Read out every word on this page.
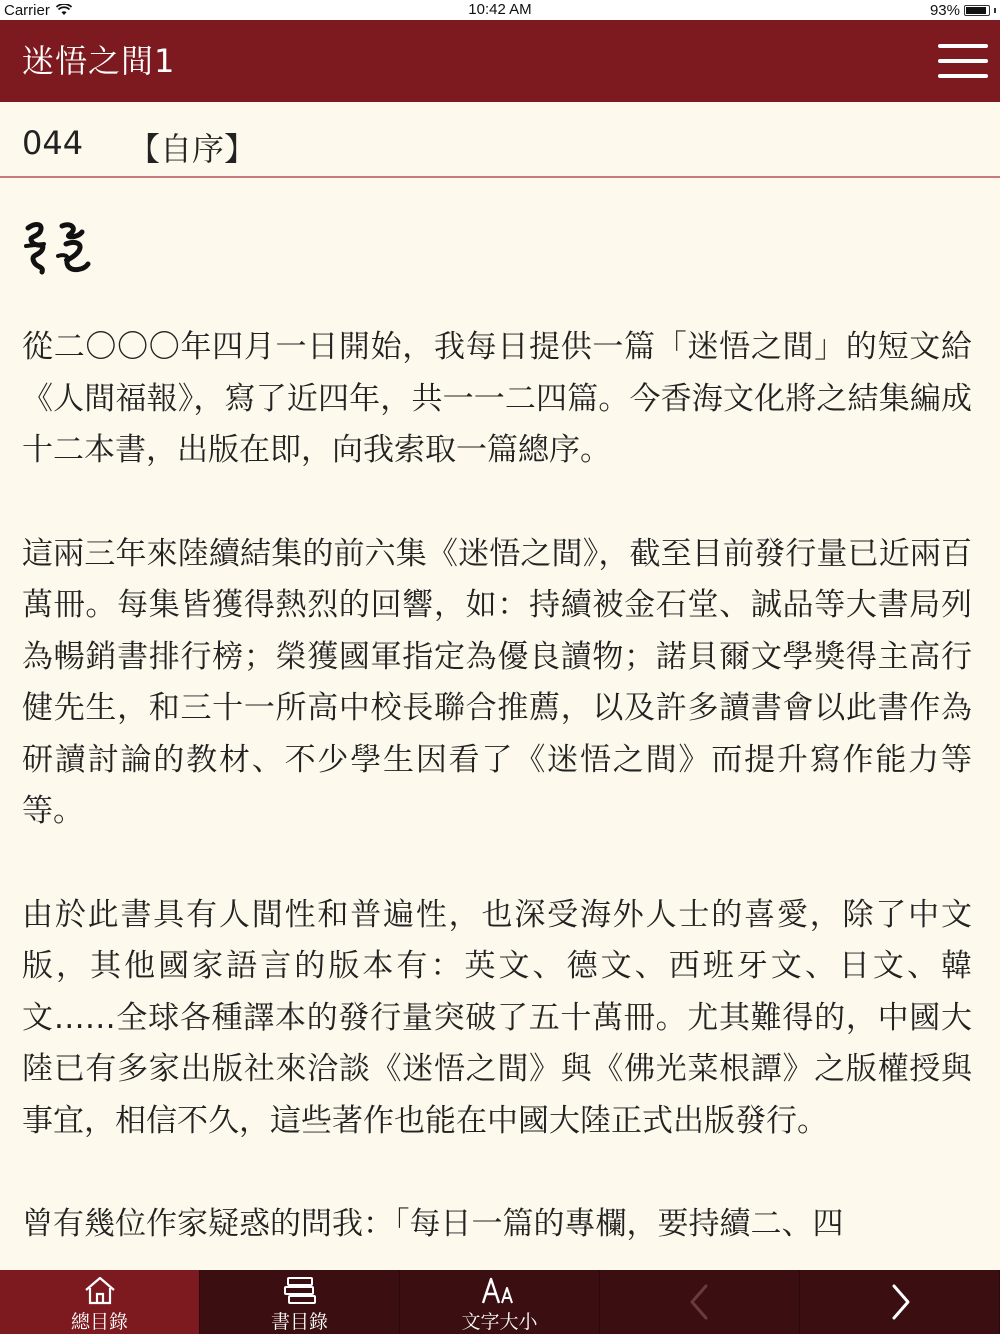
Carrier	10:42 AM	93%
迷悟之間1
044 【自序】

從二〇〇〇年四月一日開始，我每日提供一篇「迷悟之間」的短文給《人間福報》，寫了近四年，共一一二四篇。今香海文化將之結集編成十二本書，出版在即，向我索取一篇總序。

這兩三年來陸續結集的前六集《迷悟之間》，截至目前發行量已近兩百萬冊。每集皆獲得熱烈的回響，如：持續被金石堂、誠品等大書局列為暢銷書排行榜；榮獲國軍指定為優良讀物；諾貝爾文學獎得主高行健先生，和三十一所高中校長聯合推薦，以及許多讀書會以此書作為研讀討論的教材、不少學生因看了《迷悟之間》而提升寫作能力等等。

由於此書具有人間性和普遍性，也深受海外人士的喜愛，除了中文版，其他國家語言的版本有：英文、德文、西班牙文、日文、韓文……全球各種譯本的發行量突破了五十萬冊。尤其難得的，中國大陸已有多家出版社來洽談《迷悟之間》與《佛光菜根譚》之版權授與事宜，相信不久，這些著作也能在中國大陸正式出版發行。

曾有幾位作家疑惑的問我：「每日一篇的專欄，要持續二、四

總目錄	書目錄	文字大小
